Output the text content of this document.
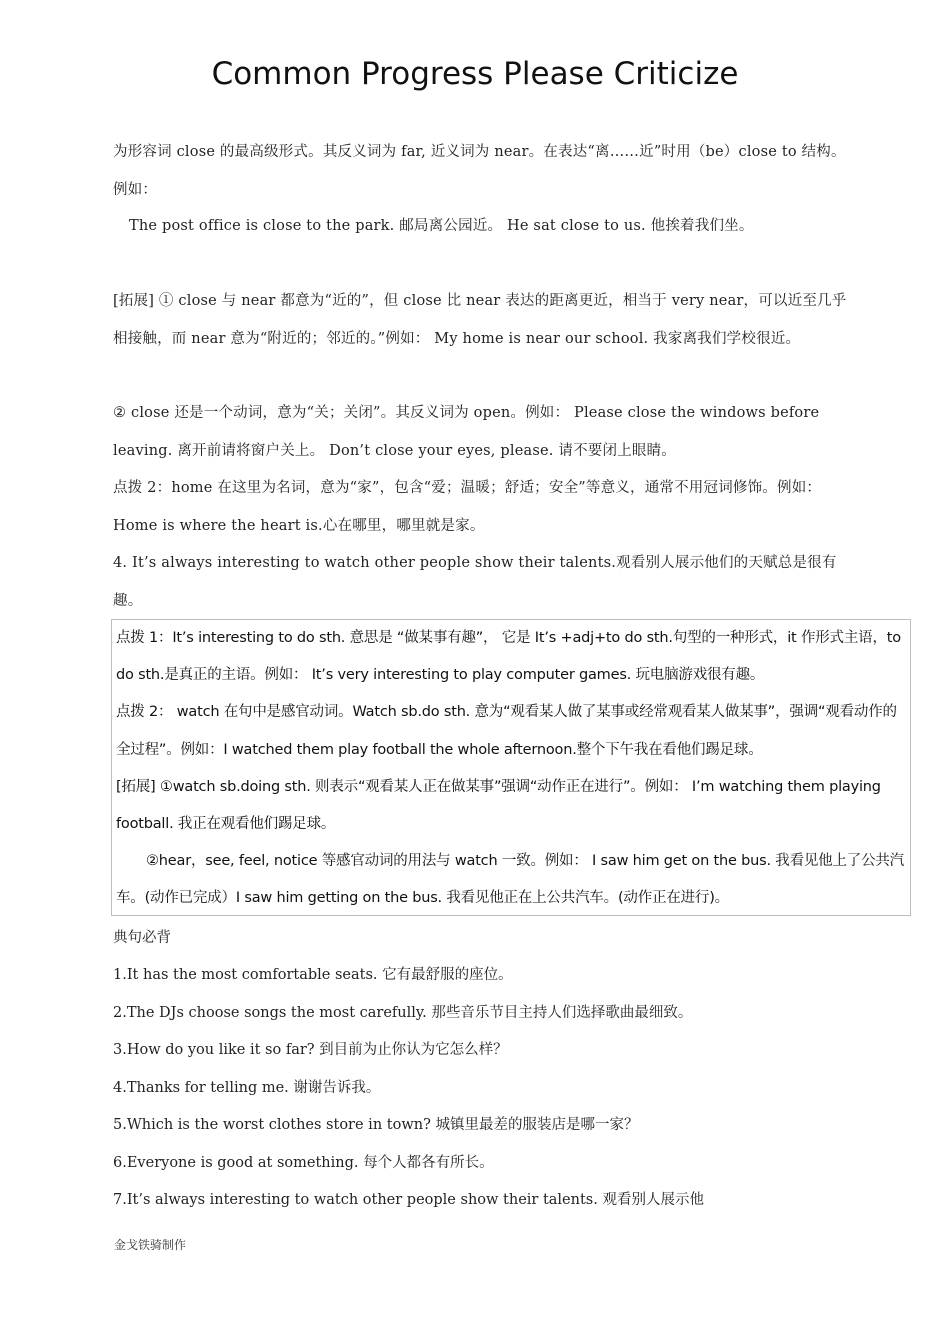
Common Progress Please Criticize

为形容词 close 的最高级形式。其反义词为 far, 近义词为 near。在表达“离……近”时用（be）close to 结构。例如：

The post office is close to the park. 邮局离公园近。 He sat close to us. 他挨着我们坐。

[拓展] ① close 与 near 都意为“近的”，但 close 比 near 表达的距离更近，相当于 very near，可以近至几乎相接触，而 near 意为“附近的；邻近的。”例如： My home is near our school. 我家离我们学校很近。

② close 还是一个动词，意为“关；关闭”。其反义词为 open。例如： Please close the windows before leaving. 离开前请将窗户关上。 Don’t close your eyes, please. 请不要闭上眼睛。

点拨 2：home 在这里为名词，意为“家”，包含“爱；温暖；舒适；安全”等意义，通常不用冠词修饰。例如： Home is where the heart is.心在哪里，哪里就是家。

4. It’s always interesting to watch other people show their talents.观看别人展示他们的天赋总是很有趣。

点拨 1：It’s interesting to do sth. 意思是 “做某事有趣”， 它是 It’s +adj+to do sth.句型的一种形式，it 作形式主语，to do sth.是真正的主语。例如： It’s very interesting to play computer games. 玩电脑游戏很有趣。

点拨 2： watch 在句中是感官动词。Watch sb.do sth. 意为“观看某人做了某事或经常观看某人做某事”，强调“观看动作的全过程”。例如：I watched them play football the whole afternoon.整个下午我在看他们踢足球。

[拓展] ①watch sb.doing sth. 则表示“观看某人正在做某事”强调“动作正在进行”。例如： I’m watching them playing football. 我正在观看他们踢足球。

②hear，see, feel, notice 等感官动词的用法与 watch 一致。例如： I saw him get on the bus. 我看见他上了公共汽车。(动作已完成）I saw him getting on the bus. 我看见他正在上公共汽车。(动作正在进行)。

典句必背
1.It has the most comfortable seats. 它有最舒服的座位。
2.The DJs choose songs the most carefully. 那些音乐节目主持人们选择歌曲最细致。
3.How do you like it so far? 到目前为止你认为它怎么样？
4.Thanks for telling me. 谢谢告诉我。
5.Which is the worst clothes store in town? 城镇里最差的服装店是哪一家？
6.Everyone is good at something. 每个人都各有所长。
7.It’s always interesting to watch other people show their talents. 观看别人展示他
金戈铁骑制作
